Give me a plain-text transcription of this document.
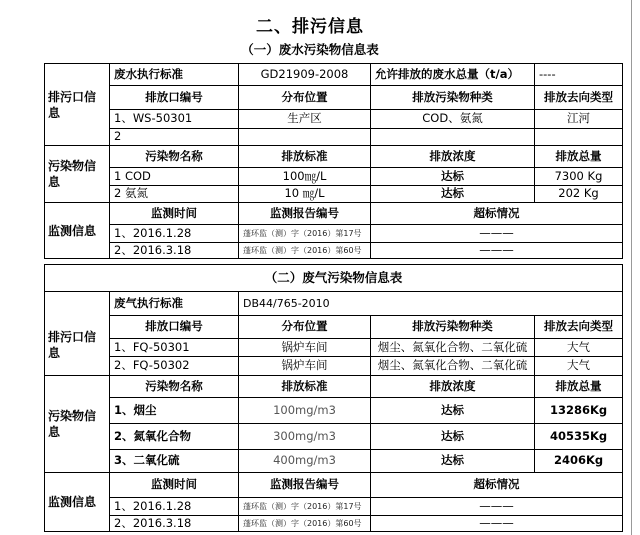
二、排污信息
（一）废水污染物信息表
排污口信息	废水执行标准	GD21909-2008	允许排放的废水总量（t/a）	----
	排放口编号	分布位置	排放污染物种类	排放去向类型
	1、WS-50301	生产区	COD、氨氮	江河
	2			
污染物信息	污染物名称	排放标准	排放浓度	排放总量
	1 COD	100㎎/L	达标	7300 Kg
	2 氨氮	10 ㎎/L	达标	202 Kg
监测信息	监测时间	监测报告编号	超标情况	
	1、2016.1.28	蓬环监（测）字（2016）第17号	———	
	2、2016.3.18	蓬环监（测）字（2016）第60号	———	
（二）废气污染物信息表				
	废气执行标准	DB44/765-2010		
排污口信息	排放口编号	分布位置	排放污染物种类	排放去向类型
	1、FQ-50301	锅炉车间	烟尘、氮氧化合物、二氧化硫	大气
	2、FQ-50302	锅炉车间	烟尘、氮氧化合物、二氧化硫	大气
污染物信息	污染物名称	排放标准	排放浓度	排放总量
	1、烟尘	100mg/m3	达标	13286Kg
	2、氮氧化合物	300mg/m3	达标	40535Kg
	3、二氧化硫	400mg/m3	达标	2406Kg
监测信息	监测时间	监测报告编号	超标情况	
	1、2016.1.28	蓬环监（测）字（2016）第17号	———	
	2、2016.3.18	蓬环监（测）字（2016）第60号	———	
